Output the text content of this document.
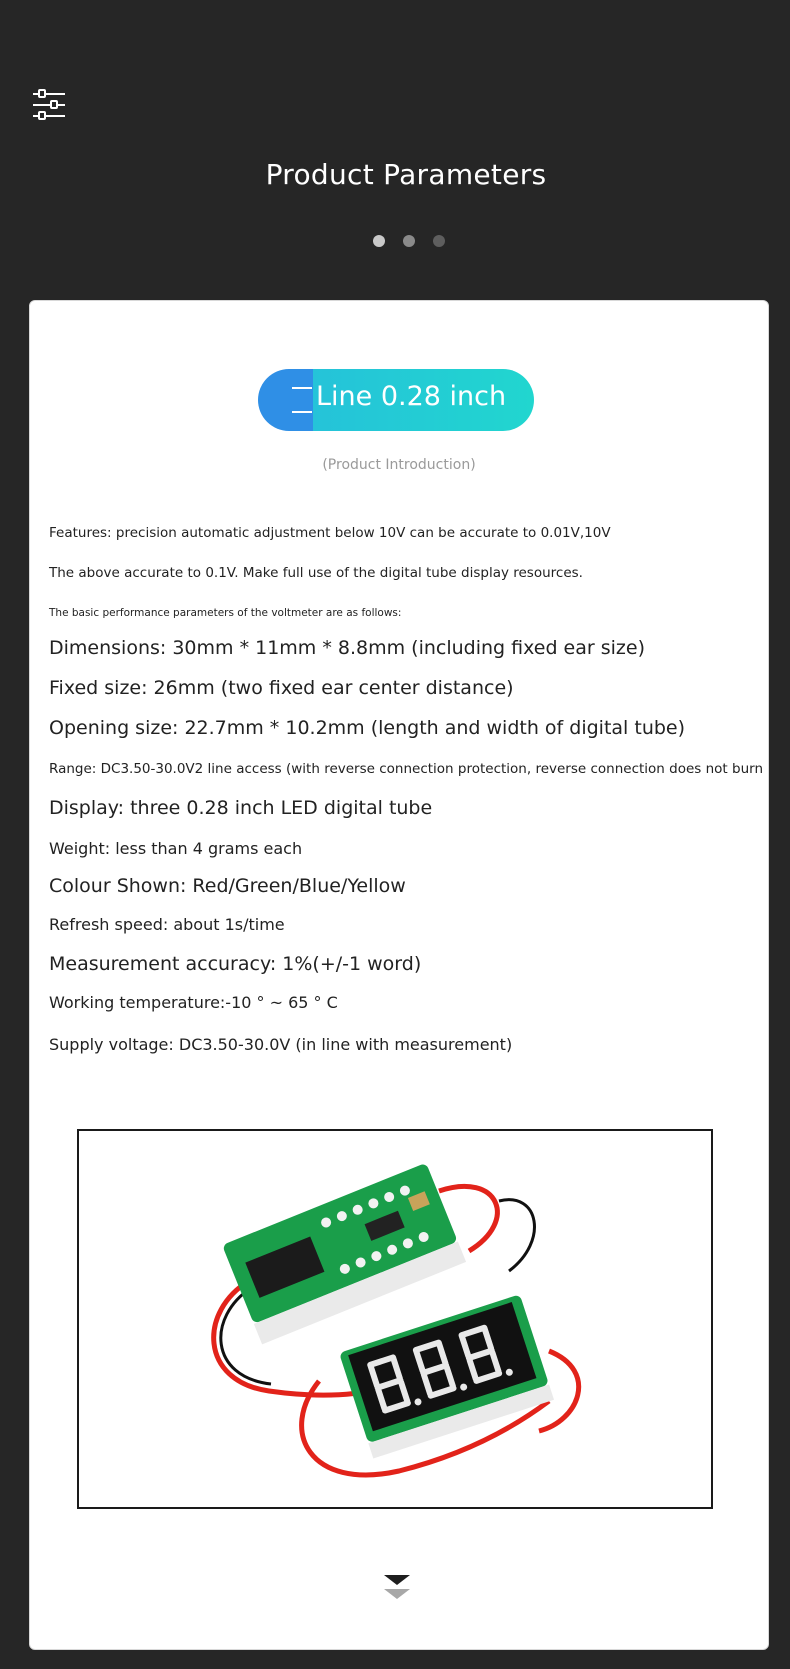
Product Parameters
Line 0.28 inch
(Product Introduction)
Features: precision automatic adjustment below 10V can be accurate to 0.01V,10V
The above accurate to 0.1V. Make full use of the digital tube display resources.
The basic performance parameters of the voltmeter are as follows:
Dimensions: 30mm * 11mm * 8.8mm (including fixed ear size)
Fixed size: 26mm (two fixed ear center distance)
Opening size: 22.7mm * 10.2mm (length and width of digital tube)
Range: DC3.50-30.0V2 line access (with reverse connection protection, reverse connection does not burn
Display: three 0.28 inch LED digital tube
Weight: less than 4 grams each
Colour Shown: Red/Green/Blue/Yellow
Refresh speed: about 1s/time
Measurement accuracy: 1%(+/-1 word)
Working temperature:-10 ° ~ 65 ° C
Supply voltage: DC3.50-30.0V (in line with measurement)
